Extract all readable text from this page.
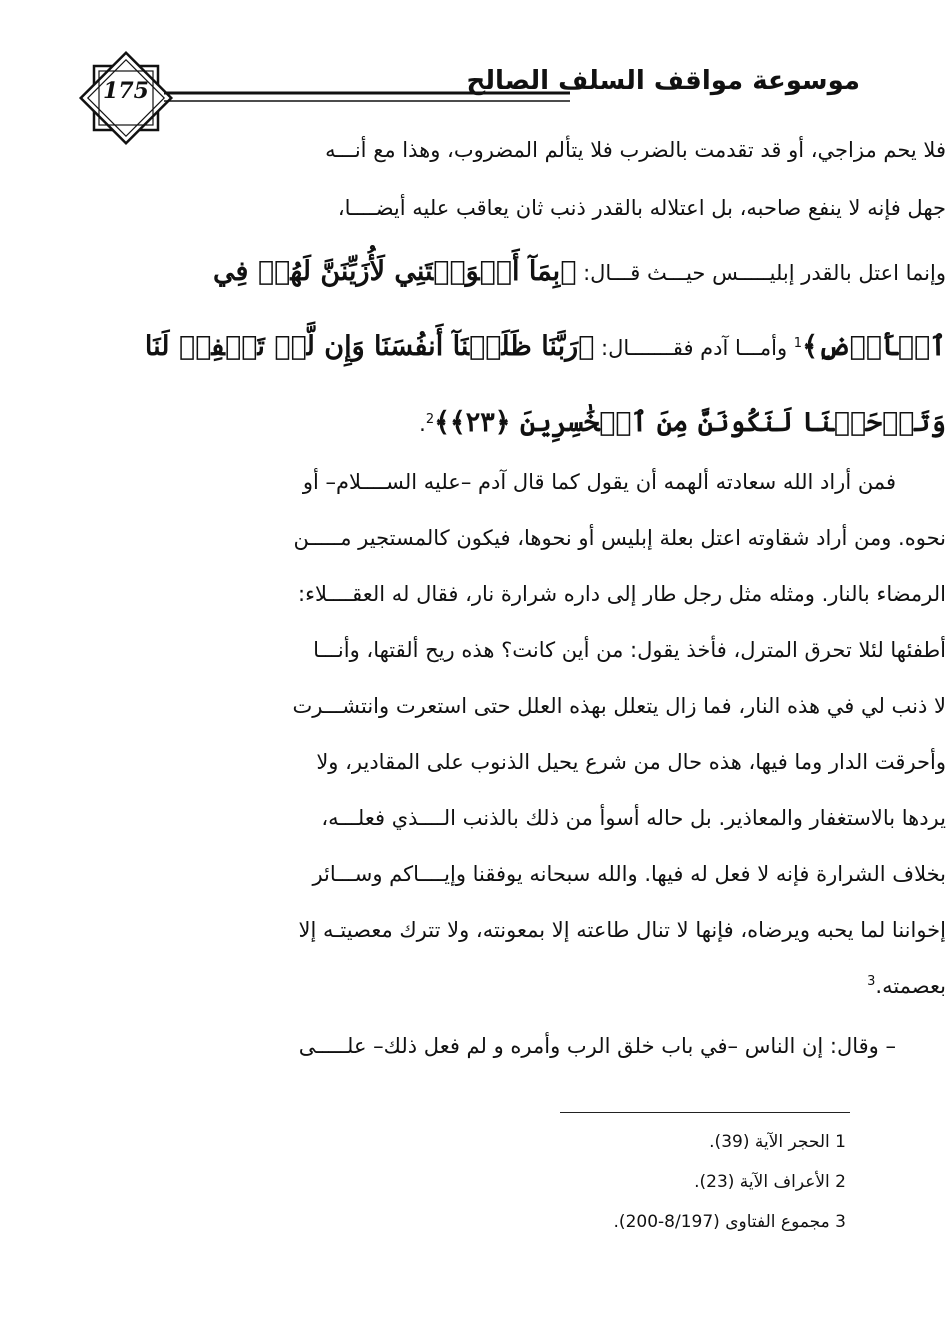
175	موسوعة مواقف السلف الصالح
فلا يحم مزاجي، أو قد تقدمت بالضرب فلا يتألم المضروب، وهذا مع أنـــه
جهل فإنه لا ينفع صاحبه، بل اعتلاله بالقدر ذنب ثان يعاقب عليه أيضــــا،
وإنما اعتل بالقدر إبليـــــس حيـــث قـــال: ﴿بِمَآ أَغۡوَيۡتَنِي لَأُزَيِّنَنَّ لَهُمۡ فِي
ٱلۡأَرۡضِ﴾$^1$ وأمـــا آدم فقـــــــال: ﴿رَبَّنَا ظَلَمۡنَآ أَنفُسَنَا وَإِن لَّمۡ تَغۡفِرۡ لَنَا
وَتَرۡحَمۡنَا لَنَكُونَنَّ مِنَ ٱلۡخَٰسِرِينَ ﴿٢٣﴾﴾$^2$.
فمن أراد الله سعادته ألهمه أن يقول كما قال آدم –عليه الســــلام– أو
نحوه. ومن أراد شقاوته اعتل بعلة إبليس أو نحوها، فيكون كالمستجير مـــــن
الرمضاء بالنار. ومثله مثل رجل طار إلى داره شرارة نار، فقال له العقــــلاء:
أطفئها لئلا تحرق المترل، فأخذ يقول: من أين كانت؟ هذه ريح ألقتها، وأنـــا
لا ذنب لي في هذه النار، فما زال يتعلل بهذه العلل حتى استعرت وانتشـــرت
وأحرقت الدار وما فيها، هذه حال من شرع يحيل الذنوب على المقادير، ولا
يردها بالاستغفار والمعاذير. بل حاله أسوأ من ذلك بالذنب الــــذي فعلـــه،
بخلاف الشرارة فإنه لا فعل له فيها. والله سبحانه يوفقنا وإيــــاكم وســـائر
إخواننا لما يحبه ويرضاه، فإنها لا تنال طاعته إلا بمعونته، ولا تترك معصيتـه إلا
بعصمته.$^3$
– وقال: إن الناس –في باب خلق الرب وأمره و لم فعل ذلك– علـــــى
1 الحجر الآية (39).
2 الأعراف الآية (23).
3 مجموع الفتاوى (8/197-200).
